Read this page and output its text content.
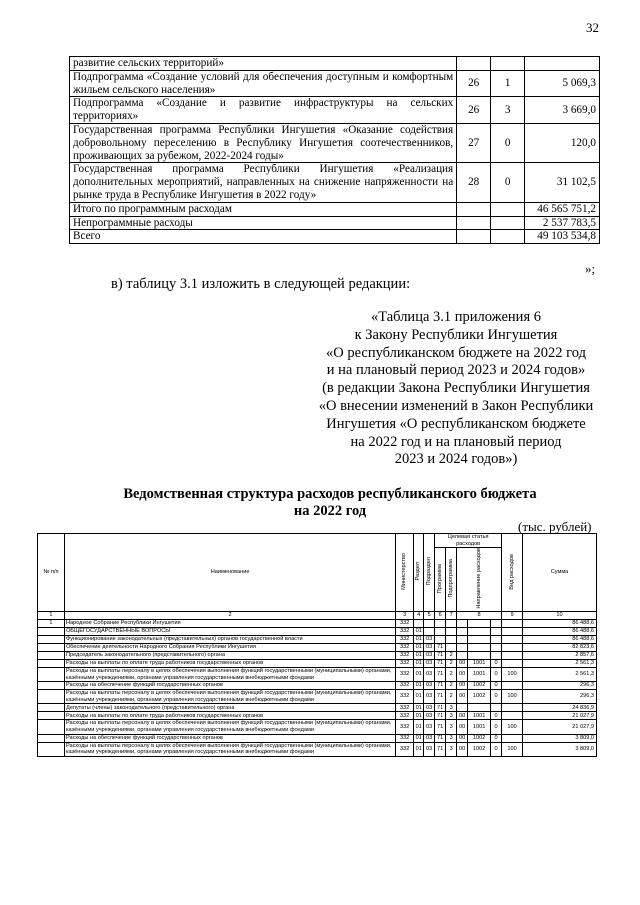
32
развитие сельских территорий»			
Подпрограмма «Создание условий для обеспечения доступным и комфортным жильем сельского населения»	26	1	5 069,3
Подпрограмма «Создание и развитие инфраструктуры на сельских территориях»	26	3	3 669,0
Государственная программа Республики Ингушетия «Оказание содействия добровольному переселению в Республику Ингушетия соотечественников, проживающих за рубежом, 2022-2024 годы»	27	0	120,0
Государственная программа Республики Ингушетия «Реализация дополнительных мероприятий, направленных на снижение напряженности на рынке труда в Республике Ингушетия в 2022 году»	28	0	31 102,5
Итого по программным расходам			46 565 751,2
Непрограммные расходы			2 537 783,5
Всего			49 103 534,8
»;
в) таблицу 3.1 изложить в следующей редакции:
«Таблица 3.1 приложения 6
к Закону Республики Ингушетия
«О республиканском бюджете на 2022 год
и на плановый период 2023 и 2024 годов»
(в редакции Закона Республики Ингушетия
«О внесении изменений в Закон Республики
Ингушетия «О республиканском бюджете
на 2022 год и на плановый период
2023 и 2024 годов»)
Ведомственная структура расходов республиканского бюджета
на 2022 год
(тыс. рублей)
№ п/п	Наименование	Министерство	Раздел	Подраздел	Целевая статья расходов					Вид расходов	Сумма
					Программа	Подпрограмма	Направление расходов				
1	2	3	4	5	6	7	8			9	10
1	Народное Собрание Республики Ингушетия	332									86 488,6
	ОБЩЕГОСУДАРСТВЕННЫЕ ВОПРОСЫ	332	01								86 488,6
	Функционирование законодательных (представительных) органов государственной власти	332	01	03							86 488,6
	Обеспечение деятельности Народного Собрания Республики Ингушетия	332	01	03	71						82 823,6
	Председатель законодательного (представительного) органа	332	01	03	71	2					2 857,6
	Расходы на выплаты по оплате труда работников государственных органов	332	01	03	71	2	00	1001	0		2 561,3
	Расходы на выплаты персоналу в целях обеспечения выполнения функций государственными (муниципальными) органами, казёнными учреждениями, органами управления государственными внебюджетными фондами	332	01	03	71	2	00	1001	0	100	2 561,3
	Расходы на обеспечение функций государственных органов	332	01	03	71	2	00	1002	0		296,3
	Расходы на выплаты персоналу в целях обеспечения выполнения функций государственными (муниципальными) органами, казёнными учреждениями, органами управления государственными внебюджетными фондами	332	01	03	71	2	00	1002	0	100	296,3
	Депутаты (члены) законодательного (представительного) органа	332	01	03	71	3					24 836,9
	Расходы на выплаты по оплате труда работников государственных органов	332	01	03	71	3	00	1001	0		21 027,9
	Расходы на выплаты персоналу в целях обеспечения выполнения функций государственными (муниципальными) органами, казёнными учреждениями, органами управления государственными внебюджетными фондами	332	01	03	71	3	00	1001	0	100	21 027,9
	Расходы на обеспечение функций государственных органов	332	01	03	71	3	00	1002	0		3 809,0
	Расходы на выплаты персоналу в целях обеспечения выполнения функций государственными (муниципальными) органами, казёнными учреждениями, органами управления государственными внебюджетными фондами	332	01	03	71	3	00	1002	0	100	3 809,0
